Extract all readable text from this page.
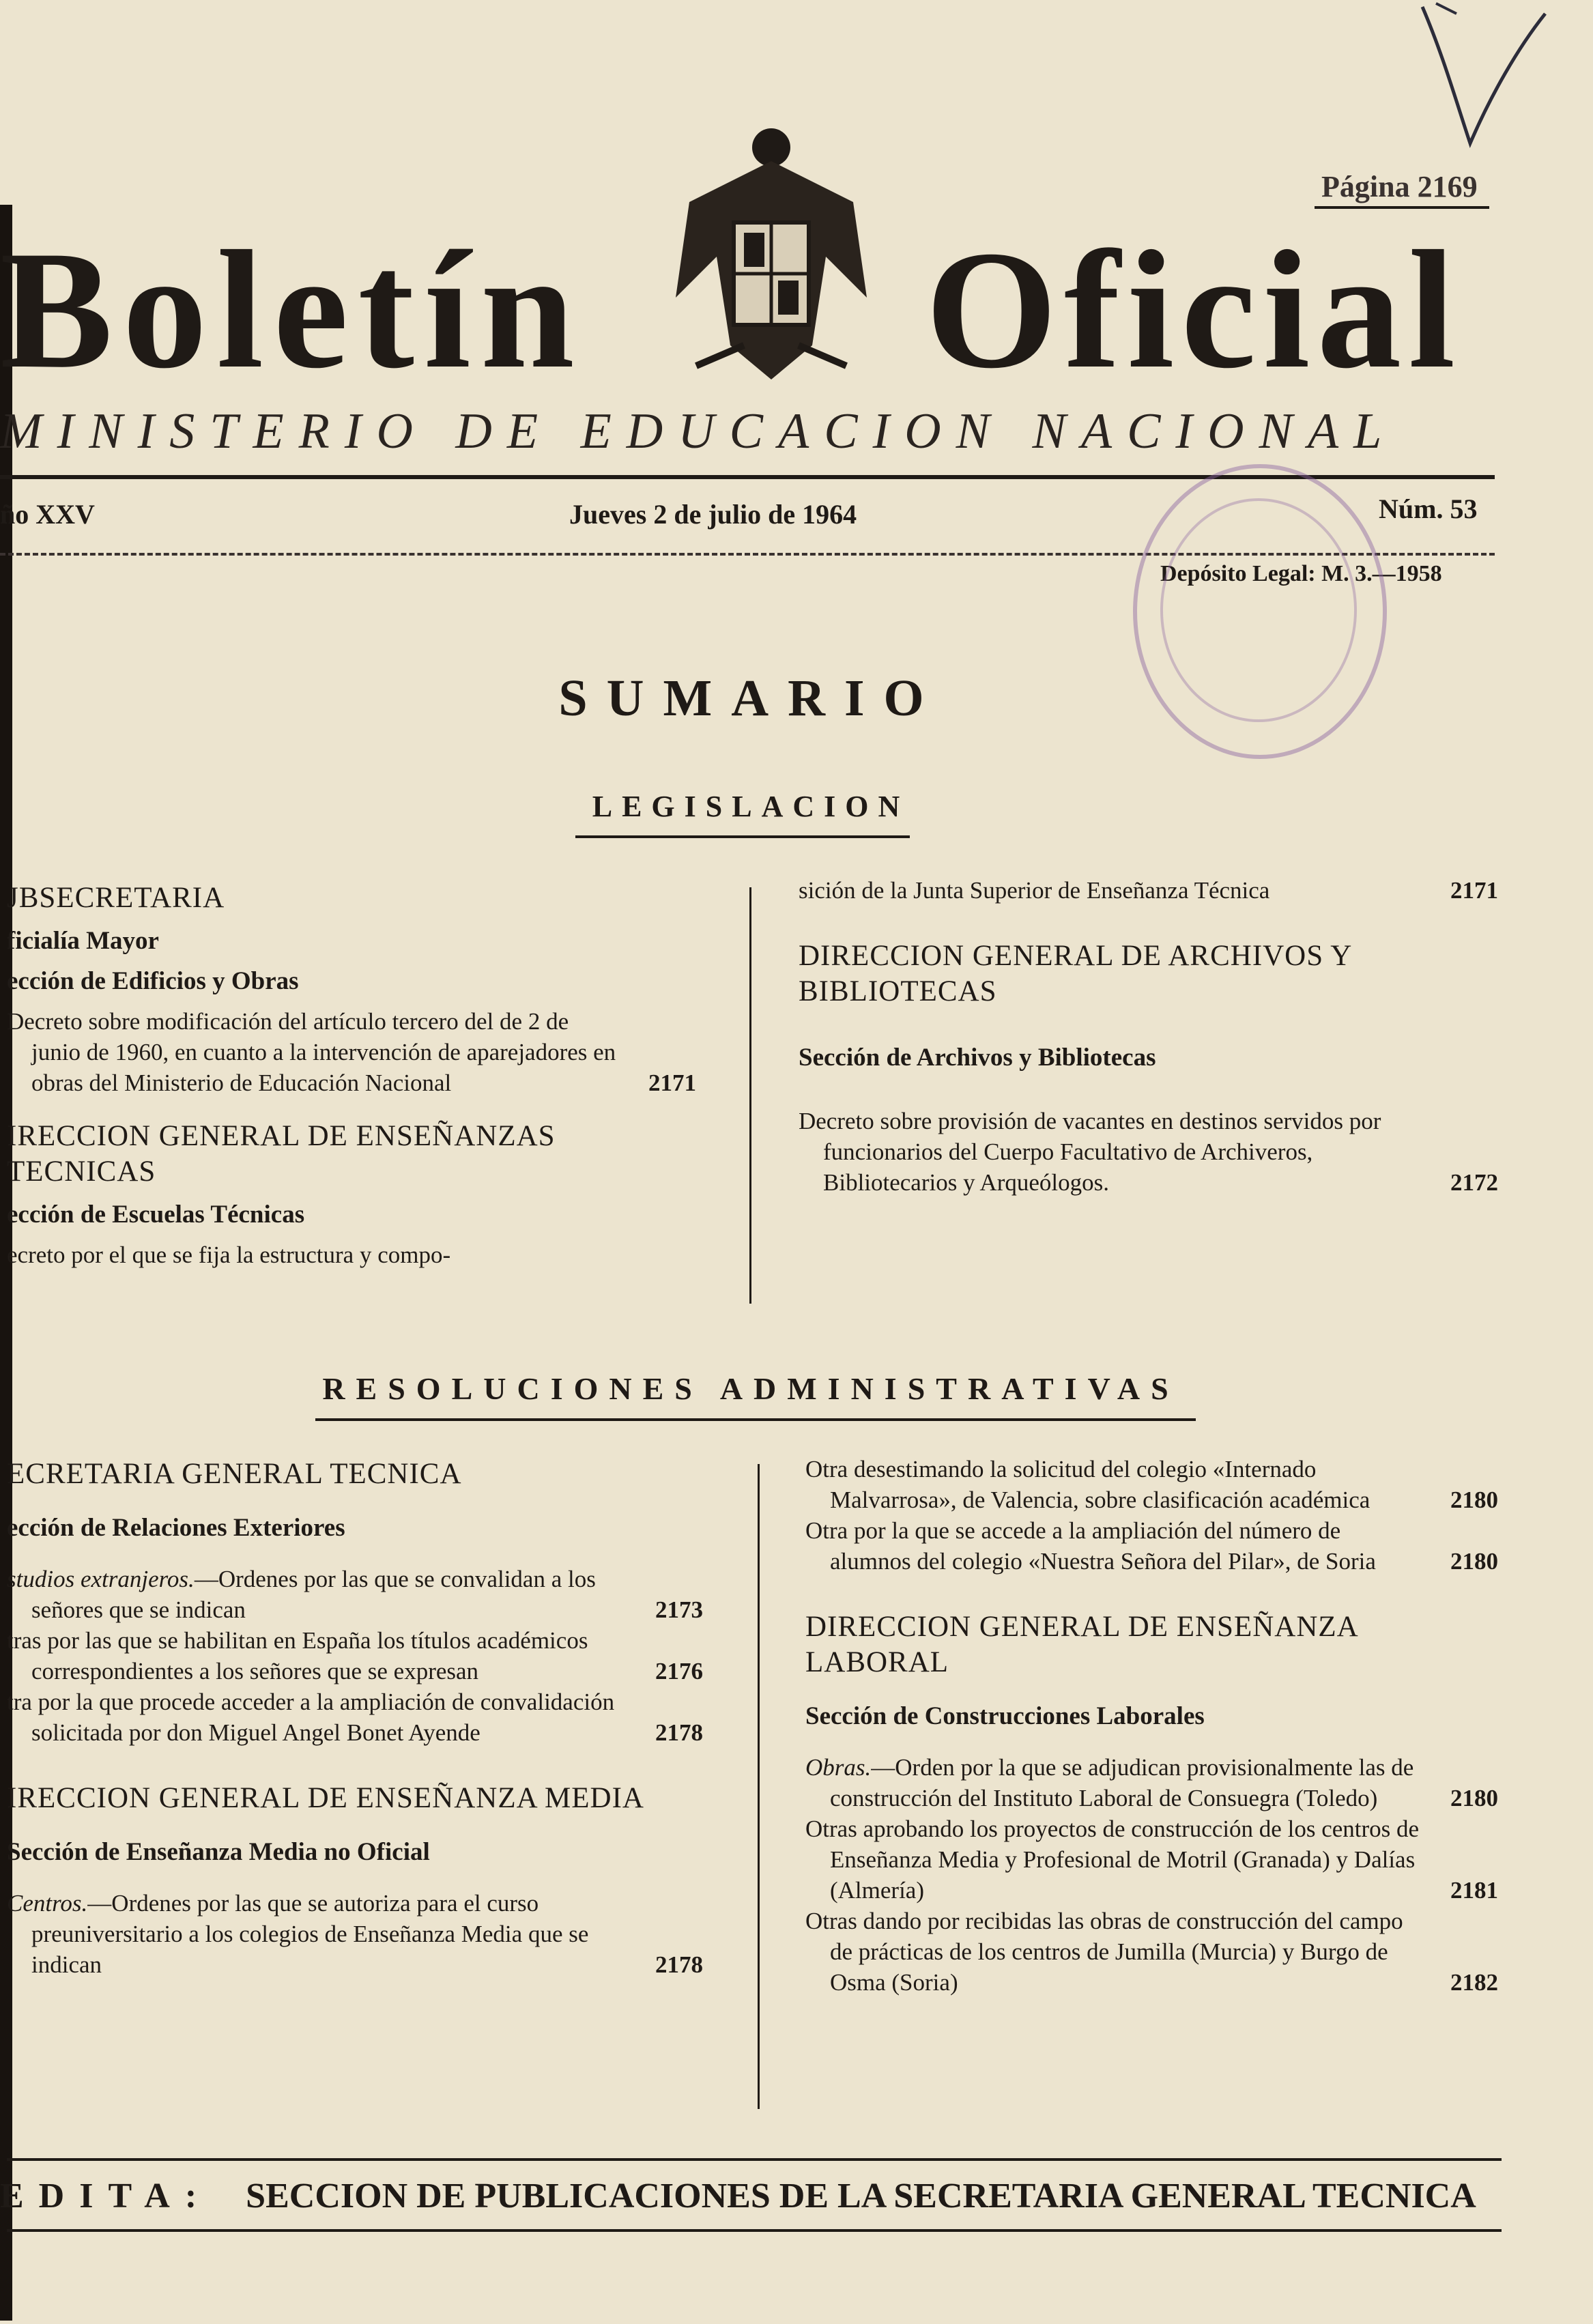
Página 2169
Boletín Oficial
MINISTERIO DE EDUCACION NACIONAL
ño XXV	Jueves 2 de julio de 1964	Núm. 53
Depósito Legal: M. 3.—1958
SUMARIO
LEGISLACION

JBSECRETARIA

ficialía Mayor

ección de Edificios y Obras

Decreto sobre modificación del artículo tercero del de 2 de junio de 1960, en cuanto a la intervención de aparejadores en obras del Ministerio de Educación Nacional	2171

IRECCION GENERAL DE ENSEÑANZAS TECNICAS

ección de Escuelas Técnicas

ecreto por el que se fija la estructura y compo-

sición de la Junta Superior de Enseñanza Técnica	2171

DIRECCION GENERAL DE ARCHIVOS Y BIBLIOTECAS

Sección de Archivos y Bibliotecas

Decreto sobre provisión de vacantes en destinos servidos por funcionarios del Cuerpo Facultativo de Archiveros, Bibliotecarios y Arqueólogos.	2172

RESOLUCIONES ADMINISTRATIVAS

ECRETARIA GENERAL TECNICA

ección de Relaciones Exteriores

studios extranjeros.—Ordenes por las que se convalidan a los señores que se indican	2173

tras por las que se habilitan en España los títulos académicos correspondientes a los señores que se expresan	2176

tra por la que procede acceder a la ampliación de convalidación solicitada por don Miguel Angel Bonet Ayende	2178

IRECCION GENERAL DE ENSEÑANZA MEDIA

Sección de Enseñanza Media no Oficial

Centros.—Ordenes por las que se autoriza para el curso preuniversitario a los colegios de Enseñanza Media que se indican	2178

Otra desestimando la solicitud del colegio «Internado Malvarrosa», de Valencia, sobre clasificación académica	2180

Otra por la que se accede a la ampliación del número de alumnos del colegio «Nuestra Señora del Pilar», de Soria	2180

DIRECCION GENERAL DE ENSEÑANZA LABORAL

Sección de Construcciones Laborales

Obras.—Orden por la que se adjudican provisionalmente las de construcción del Instituto Laboral de Consuegra (Toledo)	2180

Otras aprobando los proyectos de construcción de los centros de Enseñanza Media y Profesional de Motril (Granada) y Dalías (Almería)	2181

Otras dando por recibidas las obras de construcción del campo de prácticas de los centros de Jumilla (Murcia) y Burgo de Osma (Soria)	2182

EDITA: SECCION DE PUBLICACIONES DE LA SECRETARIA GENERAL TECNICA
